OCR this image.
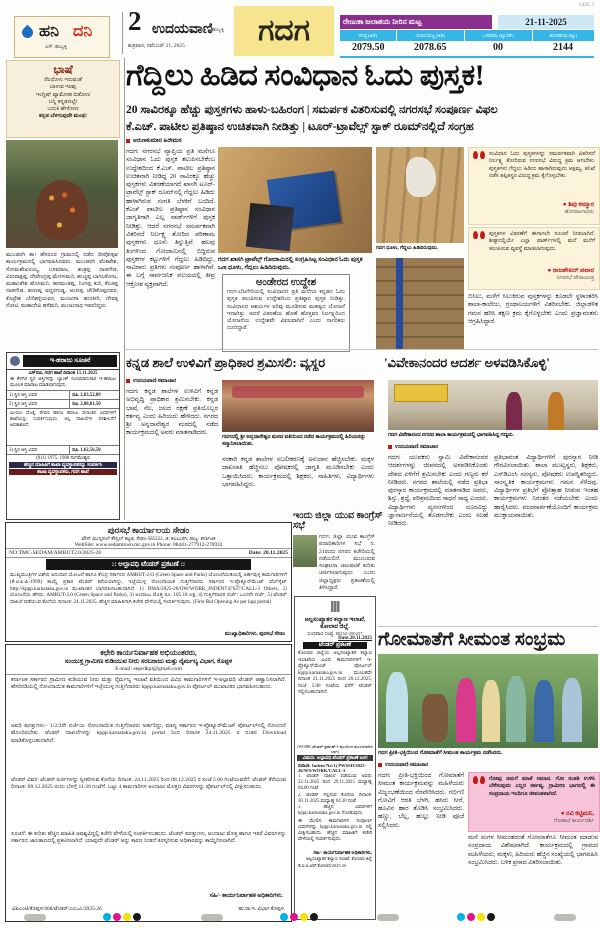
GDG 3
ಹನಿ ದನಿ
ಎಸ್. ಹುಬ್ಬಳ್ಳಿ
2 ಉದಯವಾಣಿ ಹುಬ್ಬಳ್ಳಿ
ಶುಕ್ರವಾರ, ನವೆಂಬರ್ 21, 2025	ಗದಗ	ರೇಣುಕಾ ಜಲಾಶಯ ನೀರಿನ ಮಟ್ಟ	21-11-2025
ಗರಿಷ್ಠ (ಅಡಿ)	ಇಂದಿನ ಮಟ್ಟ (ಅಡಿ)	ಒಳಹರಿವು (ಕ್ಯೂಸೆಕ್)	ಹೊರಹರಿವು (ಕ್ಯೂ)
2079.50	2078.65	00	2144
ಗೆದ್ದಿಲು ಹಿಡಿದ ಸಂವಿಧಾನ ಓದು ಪುಸ್ತಕ!
20 ಸಾವಿರಕ್ಕೂ ಹೆಚ್ಚು ಪುಸ್ತಕಗಳು ಹಾಳು-ಬಹಿರಂಗ | ಸಮರ್ಪಕ ವಿತರಿಸುವಲ್ಲಿ ನಗರಸಭೆ ಸಂಪೂರ್ಣ ವಿಫಲ
ಕೆ.ಎಚ್. ಪಾಟೀಲ ಪ್ರತಿಷ್ಠಾನ ಉಚಿತವಾಗಿ ನೀಡಿತ್ತು | ಟೂರ್-ಟ್ರಾವೆಲ್ಸ್ ಸ್ಟಾಕ್ ರೂಮ್‌ನಲ್ಲಿದೆ ಸಂಗ್ರಹ
ಅರುಣಕುಮಾರ ಹಿರೇಮಠ
ಭಾಷೆ
ನೆಲದೊಳು ಇರುವಂತೆ
ಬಾಳುವ ಇರವು
ಇಂಗ್ಲಿಷ್ ವ್ಯಾಮೋಹ ಬಿಡೋಣ
ಬನ್ನಿ ಕನ್ನಡದಲ್ಲೇ
ಬದುಕಿ ಹೇಳೋಣ
ಕನ್ನಡ ಬೆಳಗುವುದೇ ಮಂಥ!
ಮುಂಡರಗಿ ತಾ। ಹೆಸರೂರ ಗ್ರಾಮದಲ್ಲಿ ನಡೆದ ದೀಪೋತ್ಸವ ಕಾರ್ಯಕ್ರಮದಲ್ಲಿ ಭಾಗವಹಿಸಿದವರು. ಮುಂಡರಗಿ ವೆಂಕಟೇಶ, ಸೋಮಶೇಖರಯ್ಯ, ಬಸವರಾಜ, ಶಂಕ್ರಪ್ಪ ನಾಡಗೌಡ, ವಿರುಪಾಕ್ಷಪ್ಪ, ದೇವೇಂದ್ರಪ್ಪ ಮೇಗಳಮನಿ, ಹುಚ್ಚಪ್ಪ ಬಾಗಲಕೋಟ, ಮಹಾಂತೇಶ ಹೊಸಮನಿ, ಹನಮಂತಪ್ಪ, ನಿಂಗಪ್ಪ ಕುರಿ, ಕೆಂಚಪ್ಪ ನಾಡಗೌಡ, ಶರಣಪ್ಪ ವದ್ದರಗುಡ್ಡ, ಅಂದಪ್ಪ ಚೌಡಿಕೊಪ್ಪದವರ, ಕೊಟ್ರೇಶ ಬೆಣಿಹಳ್ಳಿಯವರ, ಮಂಜುಳಾ ಹುನಕೀರಿ, ದೇವಕ್ಕ ನೋಟಿ, ಮಹಾದೇವಿ ಹಳೆಮನಿ, ಮಂಜುನಾಥ ಇತರರಿದ್ದರು.
ಇ-ಹರಾಜು ಸೂಚನೆ
ಎಸ್‌ಬಿಐ, ಗದಗ ಶಾಖೆ ದಿನಾಂಕ 13.11.2025
ಈ ಕೆಳಗಿನ ಸ್ಥಿರ ಆಸ್ತಿಗಳನ್ನು ಬ್ಯಾಂಕ್ ನಿಯಮಾನುಸಾರ ಇ-ಹರಾಜು ಮೂಲಕ ಮಾರಾಟ ಮಾಡಲಾಗುವುದು.
1) ಸ್ಥಿರ ಆಸ್ತಿ ವಿವರ	ರೂ. 2,83,52,09
2) ಸ್ಥಿರ ಆಸ್ತಿ ವಿವರ	ರೂ. 2,88,81,50
ಮೀಸಲು ಮೊತ್ತ, ಠೇವಣಿ ಹಾಗೂ ಹರಾಜು ದಿನಾಂಕದ ವಿವರಗಳಿಗೆ ಶಾಖೆಯನ್ನು ಸಂಪರ್ಕಿಸುವುದು. ಆಸ್ತಿ ದಾಖಲೆಗಳ ಪರಿಶೀಲನೆಗೆ ಅವಕಾಶವಿದೆ.
3) ಸ್ಥಿರ ಆಸ್ತಿ ವಿವರ	ರೂ. 1,62,56,50
(011) 1975, 1988 ಸಂಗಮೇಶ್ವರ
ಹೆಚ್ಚಿನ ಮಾಹಿತಿಗೆ ಶಾಖಾ ವ್ಯವಸ್ಥಾಪಕರನ್ನು ಸಂಪರ್ಕಿಸಿ
ಶಾಖಾ ವ್ಯವಸ್ಥಾಪಕರು, ಗದಗ ಶಾಖೆ
ಗದಗ: ನಗರಸಭೆ ವ್ಯಾಪ್ತಿಯ ಪ್ರತಿ ಮನೆಗೂ ಸಂವಿಧಾನ ಓದು ಪುಸ್ತಕ ತಲುಪಿಸಬೇಕೆಂಬ ಉದ್ದೇಶದಿಂದ ಕೆ.ಎಚ್. ಪಾಟೀಲ ಪ್ರತಿಷ್ಠಾನ ಉಚಿತವಾಗಿ ನೀಡಿದ್ದ 20 ಸಾವಿರಕ್ಕೂ ಹೆಚ್ಚು ಪುಸ್ತಕಗಳು ವಿತರಣೆಯಾಗದೆ ಖಾಸಗಿ ಟೂರ್-ಟ್ರಾವೆಲ್ಸ್ ಸ್ಟಾಕ್ ರೂಮ್‌ನಲ್ಲಿ ಗೆದ್ದಲು ಹಿಡಿದು ಹಾಳಾಗಿರುವ ಸಂಗತಿ ಬೆಳಕಿಗೆ ಬಂದಿದೆ. ಕೆಎಚ್ ಪಾಟೀಲ ಪ್ರತಿಷ್ಠಾನ ಸಂವಿಧಾನ ಜಾಗೃತಿಗಾಗಿ ಎಲ್ಲ ವಾರ್ಡ್‌ಗಳಿಗೆ ಪುಸ್ತಕ ನೀಡಿತ್ತು. ಆದರೆ ನಗರಸಭೆ ಸಮರ್ಪಕವಾಗಿ ವಿತರಿಸದೆ ನಿರ್ಲಕ್ಷ್ಯ ತೋರಿದ ಪರಿಣಾಮ ಪುಸ್ತಕಗಳು ಧೂಳು ತಿನ್ನುತ್ತಿವೆ. ಹಲವು ತಿಂಗಳಿಂದ ಗೋದಾಮಿನಲ್ಲಿ ಬಿದ್ದಿರುವ ಪುಸ್ತಕಗಳ ಕಟ್ಟುಗಳಿಗೆ ಗೆದ್ದಲು ಹಿಡಿದಿದ್ದು, ಸಾವಿರಾರು ಪ್ರತಿಗಳು ಸಂಪೂರ್ಣ ಹಾಳಾಗಿವೆ. ಈ ಬಗ್ಗೆ ಸಾರ್ವಜನಿಕ ವಲಯದಲ್ಲಿ ತೀವ್ರ ಆಕ್ರೋಶ ವ್ಯಕ್ತವಾಗಿದೆ.
ಗದಗ ಖಾಸಗಿ ಟ್ರಾವೆಲ್ಸ್ ಗೋದಾಮಿನಲ್ಲಿ ಸಂಗ್ರಹಿಸಿಟ್ಟ ಸಂವಿಧಾನ ಓದು ಪುಸ್ತಕ ಒಣ ಧೂಳು, ಗೆದ್ದಲು ಹಿಡಿದಿರುವುದು.
ಅಂಡೇರದ ಉದ್ದೇಶ
ಗದಗ-ಬೆಟಗೇರಿಯಲ್ಲಿ ಸಂವಿಧಾನದ ಪ್ರತಿ ಮನೆಗೂ ಕನ್ನಡದ ಓದು ಪುಸ್ತಕ ತಲುಪಿಸುವ ಉದ್ದೇಶದಿಂದ ಪ್ರತಿಷ್ಠಾನ ಪುಸ್ತಕ ನೀಡಿತ್ತು. ಸಂವಿಧಾನದ ಆಶಯಗಳ ಅರಿವು ಮೂಡಿಸುವ ಮಹತ್ವದ ಯೋಜನೆ ಇದಾಗಿತ್ತು. ಆದರೆ ವಿತರಣೆಯ ಹೊಣೆ ಹೊತ್ತವರ ನಿರ್ಲಕ್ಷ್ಯದಿಂದ ಯೋಜನೆಯ ಉದ್ದೇಶವೇ ವಿಫಲವಾಗಿದೆ ಎಂದು ನಾಗರಿಕರು ದೂರಿದ್ದಾರೆ.
ಗದಗ ಧೂಳು, ಗೆದ್ದಲು ಹಿಡಿದಿರುವುದು.
ಸಂವಿಧಾನ ಓದು ಪುಸ್ತಕಗಳನ್ನು ಸಮರ್ಪಕವಾಗಿ ವಿತರಿಸದೆ ನಿರ್ಲಕ್ಷ್ಯ ತೋರಿರುವ ನಗರಸಭೆ ವಿರುದ್ಧ ಕ್ರಮ ಆಗಬೇಕು. ಪುಸ್ತಕಗಳು ಗೆದ್ದಲು ಹಿಡಿದು ಹಾಳಾಗಿರುವುದು ಅಕ್ಷಮ್ಯ. ತನಿಖೆ ನಡೆಸಿ ತಪ್ಪಿತಸ್ಥರ ವಿರುದ್ಧ ಕ್ರಮ ಕೈಗೊಳ್ಳಬೇಕು.
● ಶಿವು ಕಮ್ಮಾರ
ಹೋರಾಟಗಾರರು
ಪುಸ್ತಕಗಳ ವಿತರಣೆಗೆ ಈಗಾಗಲೇ ಸೂಚನೆ ನೀಡಲಾಗಿದೆ. ಶೀಘ್ರದಲ್ಲಿಯೇ ಎಲ್ಲಾ ವಾರ್ಡ್‌ಗಳಲ್ಲಿ ಮನೆ ಮನೆಗೆ ತಲುಪಿಸುವ ವ್ಯವಸ್ಥೆ ಮಾಡಲಾಗುವುದು.
● ರಾಜಶೇಖರ್ ಪವಾರ
ನಗರಸಭೆ ಪೌರಾಯುಕ್ತ
ಬಿಸಿಲು, ಮಳೆಗೆ ಸಿಲುಕಿರುವ ಪುಸ್ತಕಗಳನ್ನು ಕೂಡಲೇ ಸ್ಥಳಾಂತರಿಸಿ ಶಾಲಾ-ಕಾಲೇಜು, ಗ್ರಂಥಾಲಯಗಳಿಗೆ ವಿತರಿಸಬೇಕು. ಜಿಲ್ಲಾಡಳಿತ ಗಮನ ಹರಿಸಿ ತಕ್ಷಣ ಕ್ರಮ ಕೈಗೊಳ್ಳಬೇಕು ಎಂದು ಪ್ರಜ್ಞಾವಂತರು ಆಗ್ರಹಿಸಿದ್ದಾರೆ.
ಕನ್ನಡ ಶಾಲೆ ಉಳಿವಿಗೆ ಪ್ರಾಧಿಕಾರ ಶ್ರಮಿಸಲಿ: ವ್ಯಸ್ಥರ	'ವಿವೇಕಾನಂದರ ಆದರ್ಶ ಅಳವಡಿಸಿಕೊಳ್ಳಿ'
ಉದಯವಾಣಿ ಸಮಾಚಾರ
ಗದಗ: ಕನ್ನಡ ಶಾಲೆಗಳ ಉಳಿವಿಗೆ ಕನ್ನಡ ಅಭಿವೃದ್ಧಿ ಪ್ರಾಧಿಕಾರ ಶ್ರಮಿಸಬೇಕು. ಕನ್ನಡ ಭಾಷೆ, ನೆಲ, ಜಲದ ರಕ್ಷಣೆ ಪ್ರತಿಯೊಬ್ಬರ ಕರ್ತವ್ಯ ಎಂದು ಹಿರಿಯರು ಹೇಳಿದರು. ನಗರದ ಶ್ರೀ ಅನ್ನದಾನೇಶ್ವರ ಮಠದಲ್ಲಿ ನಡೆದ ಕಾರ್ಯಕ್ರಮದಲ್ಲಿ ಅವರು ಮಾತನಾಡಿದರು.
ಗದಗದಲ್ಲಿ ಶ್ರೀ ಅನ್ನದಾನೇಶ್ವರ ಮಠದ ವತಿಯಿಂದ ನಡೆದ ಕಾರ್ಯಕ್ರಮದಲ್ಲಿ ಹಿರಿಯರನ್ನು ಸನ್ಮಾನಿಸಲಾಯಿತು.
ಸರಕಾರಿ ಕನ್ನಡ ಶಾಲೆಗಳ ಸಬಲೀಕರಣಕ್ಕೆ ಅನುದಾನ ಹೆಚ್ಚಿಸಬೇಕು. ಮಕ್ಕಳ ದಾಖಲಾತಿ ಹೆಚ್ಚಿಸಲು ಪೋಷಕರಲ್ಲಿ ಜಾಗೃತಿ ಮೂಡಿಸಬೇಕು ಎಂದು ಒತ್ತಾಯಿಸಿದರು. ಕಾರ್ಯಕ್ರಮದಲ್ಲಿ ಶಿಕ್ಷಕರು, ಸಾಹಿತಿಗಳು, ವಿದ್ಯಾರ್ಥಿಗಳು ಭಾಗವಹಿಸಿದ್ದರು.
ಗದಗ ವಿವೇಕಾನಂದ ನಗರದ ಶಾಲಾ ಕಾರ್ಯಕ್ರಮದಲ್ಲಿ ಭಾಗವಹಿಸಿದ್ದ ಗಣ್ಯರು.
ಉದಯವಾಣಿ ಸಮಾಚಾರ
ಗದಗ: ಯುವಕರು ಸ್ವಾಮಿ ವಿವೇಕಾನಂದರ ಆದರ್ಶಗಳನ್ನು ಜೀವನದಲ್ಲಿ ಅಳವಡಿಸಿಕೊಂಡು ದೇಶದ ಏಳಿಗೆಗೆ ಶ್ರಮಿಸಬೇಕು ಎಂದು ಗಣ್ಯರು ಕರೆ ನೀಡಿದರು. ನಗರದ ಶಾಲೆಯಲ್ಲಿ ನಡೆದ ಪ್ರತಿಭಾ ಪುರಸ್ಕಾರ ಕಾರ್ಯಕ್ರಮದಲ್ಲಿ ಮಾತನಾಡಿದ ಅವರು, ಶಿಸ್ತು, ಶ್ರದ್ಧೆ, ಪರಿಶ್ರಮದಿಂದ ಸಾಧನೆ ಸಾಧ್ಯ ಎಂದರು. ವಿದ್ಯಾರ್ಥಿಗಳು ವ್ಯಸನಗಳಿಂದ ದೂರವಿದ್ದು ಜ್ಞಾನಾರ್ಜನೆಯಲ್ಲಿ ತೊಡಗಬೇಕು ಎಂದು ಸಲಹೆ ನೀಡಿದರು.
ಪ್ರತಿಭಾವಂತ ವಿದ್ಯಾರ್ಥಿಗಳಿಗೆ ಪುರಸ್ಕಾರ ನೀಡಿ ಗೌರವಿಸಲಾಯಿತು. ಶಾಲಾ ಮುಖ್ಯಸ್ಥರು, ಶಿಕ್ಷಕರು, ಎಸ್‌ಡಿಎಂಸಿ ಸದಸ್ಯರು, ಪೋಷಕರು ಉಪಸ್ಥಿತರಿದ್ದರು. ಸಾಂಸ್ಕೃತಿಕ ಕಾರ್ಯಕ್ರಮಗಳು ಗಮನ ಸೆಳೆದವು. ವಿದ್ಯಾರ್ಥಿಗಳ ಪ್ರತಿಭೆಗೆ ಪ್ರೋತ್ಸಾಹ ನೀಡುವ ಇಂತಹ ಕಾರ್ಯಕ್ರಮಗಳು ನಿರಂತರ ನಡೆಯಬೇಕು ಎಂದು ಹಾರೈಸಿದರು. ವಂದನಾರ್ಪಣೆಯೊಂದಿಗೆ ಕಾರ್ಯಕ್ರಮ ಮುಕ್ತಾಯವಾಯಿತು.
ಇಂದು ಜಿಲ್ಲಾ ಯುವ ಕಾಂಗ್ರೆಸ್ ಸಭೆ
ಗದಗ: ಜಿಲ್ಲಾ ಯುವ ಕಾಂಗ್ರೆಸ್ ಪದಾಧಿಕಾರಿಗಳ ಸಭೆ ನ. 21ರಂದು ನಗರದ ಕಚೇರಿಯಲ್ಲಿ ನಡೆಯಲಿದೆ. ಮುಂಬರುವ ಸಂಘಟನಾ ಚಟುವಟಿಕೆ ಕುರಿತು ಚರ್ಚಿಸಲಾಗುವುದು ಎಂದು ಜಿಲ್ಲಾಧ್ಯಕ್ಷರು ಪ್ರಕಟಣೆಯಲ್ಲಿ ತಿಳಿಸಿದ್ದಾರೆ.
ಪುರಸಭೆ ಕಾರ್ಯಾಲಯ ಸೇಡಂ
ಟೌನ್ ಮುನ್ಸಿಪಲ್ ಕೌನ್ಸಿಲ್ ಕಟ್ಟಡ, ಸೇಡಂ-585222, ಜಿ: ಕಲಬುರಗಿ, ರಾಜ್ಯ: ಕರ್ನಾಟಕ
WebSite: www.sedamtown.mc.gov.in Phone: 08441-277912-276932
NO:TMC-SEDAM/AMRUT2.0/2025-26	Date: 20.11.2025
:: ಅಲ್ಪಾವಧಿ ಟೆಂಡರ್ ಪ್ರಕಟಣೆ ::
ಮುಖ್ಯಮಂತ್ರಿಗಳ ವಿಶೇಷ ಅನುದಾನ ಯೋಜನೆ ಹಾಗೂ ಕೇಂದ್ರ ಸರ್ಕಾರದ AMRUT-2.O (Green Space and Parks) ಯೋಜನೆಯಡಿಯಲ್ಲಿ ಅರ್ಹವುಳ್ಳ ಕಾಮಗಾರಿಗಳಿಗೆ (ಕೆ.ಟಿ.ಪಿ.ಪಿ-1999) ಕಾಯ್ದೆ ಪ್ರಕಾರ ಟೆಂಡರ್ ಕರೆಯಲಾಗಿದ್ದು, ಇಚ್ಛೆಯುಳ್ಳ ನೋಂದಾಯಿತ ಗುತ್ತಿಗೆದಾರರು ಸರ್ಕಾರದ ಇ-ಪ್ರೊಕ್ಯೂರ್‌ಮೆಂಟ್ ವೆಬ್‌ಸೈಟ್ http://kppp.karnataka.gov.in ಮುಖಾಂತರ ಭಾಗವಹಿಸಬಹುದಾಗಿದೆ. 1) DMA/2025-26/OW/WORK_INDENT47627/CALL-3 Others, 2) ಯೋಜನೆಯ ಹೆಸರು: AMRUT-2.0 (Green Space and Parks), 3) ಅಂದಾಜು ಮೊತ್ತ ರೂ. 105.18 ಲಕ್ಷ, 4) ಗುತ್ತಿಗೆದಾರರ ದರ್ಜೆ: ಒಂದನೇ ದರ್ಜೆ, 5) ಟೆಂಡರ್ ದಾಖಲೆ ಪಡೆಯುವ ಕೊನೆಯ ದಿನಾಂಕ: 24.11.2025. ಹೆಚ್ಚಿನ ಮಾಹಿತಿಗಾಗಿ ಕಚೇರಿ ವೇಳೆಯಲ್ಲಿ ಸಂಪರ್ಕಿಸುವುದು. (First Bid Opening As per kpp portal)
ಮುಖ್ಯಾಧಿಕಾರಿಗಳು, ಪುರಸಭೆ ಸೇಡಂ
ಕಛೇರಿ ಕಾರ್ಯನಿರ್ವಾಹಕ ಅಭಿಯಂತರರು,
ಸಂಯುಕ್ತ ಗ್ರಾಮೀಣ ಕುಡಿಯುವ ನೀರು ಸರಬರಾಜು ಮತ್ತು ನೈರ್ಮಲ್ಯ ವಿಭಾಗ, ಕೊಪ್ಪಳ
E-mail: eeprdkpl@gmail.com
ಕರ್ನಾಟಕ ಸರ್ಕಾರದ ಗ್ರಾಮೀಣ ಕುಡಿಯುವ ನೀರು ಮತ್ತು ನೈರ್ಮಲ್ಯ ಇಲಾಖೆ ವತಿಯಿಂದ ವಿವಿಧ ಕಾಮಗಾರಿಗಳಿಗೆ ಇ-ಅಲ್ಪಾವಧಿ ಟೆಂಡರ್ ಆಹ್ವಾನಿಸಲಾಗಿದೆ. ಹೆಸರಿನಡಿಯಲ್ಲಿ ನೋಂದಾಯಿತ ಕಾಮಗಾರಿಗಳಿಗೆ ಇಚ್ಛೆಯುಳ್ಳ ಗುತ್ತಿಗೆದಾರರು kppp.karnataka.gov.in ಪೋರ್ಟಲ್ ಮುಖಾಂತರ ಭಾಗವಹಿಸಬಹುದು.
ಅವಧಿ ಷರತ್ತುಗಳು:- 1/2/3ನೇ ದರ್ಜೆಯ ನೋಂದಾಯಿತ ಗುತ್ತಿಗೆದಾರರು ಅರ್ಹರಿದ್ದು, ಮಾನ್ಯ ಸರ್ಕಾರದ ಇ-ಪ್ರೊಕ್ಯೂರ್‌ಮೆಂಟ್ ಪೋರ್ಟಲ್‌ನಲ್ಲಿ ನೋಂದಣಿ ಹೊಂದಿರಬೇಕು. ಟೆಂಡರ್ ದಾಖಲೆಗಳನ್ನು kppp.karnataka.gov.in portal ನಿಂದ ದಿನಾಂಕ 24.11.2025 ರ ನಂತರ Download ಮಾಡಿಕೊಳ್ಳಬಹುದಾಗಿದೆ.
ಟೆಂಡರ್ ವಿವರ: ಟೆಂಡರ್ ಅರ್ಜಿಗಳನ್ನು ಸ್ವೀಕರಿಸುವ ಕೊನೆಯ ದಿನಾಂಕ: 24.11.2025 ರಿಂದ 08.12.2025 ರ ಸಂಜೆ 5.00 ಗಂಟೆಯವರೆಗೆ. ಟೆಂಡರ್ ತೆರೆಯುವ ದಿನಾಂಕ: 09.12.2025 ರಂದು ಬೆಳಗ್ಗೆ 11.30 ಗಂಟೆಗೆ. ಒಟ್ಟು 4 ಕಾಮಗಾರಿಗಳ ಅಂದಾಜು ಮೊತ್ತದ ವಿವರಗಳನ್ನು ಪೋರ್ಟಲ್‌ನಲ್ಲಿ ವೀಕ್ಷಿಸಬಹುದು.
ಸೂಚನೆ: ಈ ಕುರಿತು ಹೆಚ್ಚಿನ ಮಾಹಿತಿ ಅವಶ್ಯವಿದ್ದಲ್ಲಿ ಕಚೇರಿ ವೇಳೆಯಲ್ಲಿ ಸಂಪರ್ಕಿಸಬಹುದು. ಟೆಂಡರ್ ಷರತ್ತುಗಳು, ಅಂದಾಜು ಮೊತ್ತ ಹಾಗೂ ಇತರೆ ವಿವರಗಳನ್ನು ಸರ್ಕಾರದ ಜಾಲತಾಣದಲ್ಲಿ ಪ್ರಕಟಿಸಲಾಗಿದೆ. ಯಾವುದೇ ಟೆಂಡರ್ ಅನ್ನು ಕಾರಣ ನೀಡದೆ ತಿರಸ್ಕರಿಸುವ ಅಧಿಕಾರವನ್ನು ಕಾಯ್ದಿರಿಸಲಾಗಿದೆ.
ಸಹಿ/- ಕಾರ್ಯನಿರ್ವಾಹಕ ಅಧಿಕಾರಿಗಳು.
ವಿಪಿಎಂಟಿ/ಕೊಪ್ಪಳ/468/ಟೆಂಡರ್/ಎಂಒಎ/2025-26	ಹು.ರಾ.ಇ. ವಿಭಾಗ ಕೊಪ್ಪಳ.
ಅಲ್ಪಸಂಖ್ಯಾತರ ಕಲ್ಯಾಣ ಇಲಾಖೆ,
ಕೋಲಾರ ಜಿಲ್ಲೆ.
ದೂರವಾಣಿ ಸಂಖ್ಯೆ: 08152-295257
Date:20.11.2025
ಟೆಂಡರ್ ಪ್ರಕಟಣೆ
ಕೋಲಾರ ಜಿಲ್ಲೆಯ ಅಲ್ಪಸಂಖ್ಯಾತರ ಕಲ್ಯಾಣ ಇಲಾಖೆಯ ವಿವಿಧ ಕಾಮಗಾರಿಗಳಿಗೆ ಇ-ಪ್ರೊಕ್ಯೂರ್‌ಮೆಂಟ್ ಪೋರ್ಟಲ್ kppp.karnataka.gov.in ಮೂಲಕವೇ ದಿನಾಂಕ 21.11.2025 ರಿಂದ 20.12.2025, ಸಂಜೆ 5.00 ಗಂಟೆಯ ವರೆಗೆ ಟೆಂಡರ್ ಸಲ್ಲಿಸಬಹುದಾಗಿದೆ.
(WORK ಟೆಂಡರ್ ಪ್ರಕಟಣೆ-3-ಪುಟದಿಂದ ಮುಂದುವರಿದ ಭಾಗ)
ವಿಷಯ: ಅಲ್ಪಾವಧಿ ಟೆಂಡರ್ ಪ್ರಕಟಣೆ ಅಂಗ
ದಿನಾಂಕ: Indent No:1) PWSSD/2025-26/WS/WORK/CALL-3
1. ಟೆಂಡರ್ ದಾಖಲೆ ಪಡೆಯುವ ಅವಧಿ: 22.11.2025 ರಿಂದ 29.11.2025 ಮಧ್ಯಾಹ್ನ 04.00 ಗಂಟೆ
2. ಟೆಂಡರ್ ಸಲ್ಲಿಸುವ ಕೊನೆಯ ದಿನಾಂಕ: 30.11.2025 ಮಧ್ಯಾಹ್ನ 04.30 ಗಂಟೆ
3. ಹೆಚ್ಚಿನ ವಿವರಗಳಿಗೆ kppp.karnataka.gov.in ನೋಡುವುದು.
ಈ ಮೇಲಿನ ಕಾಮಗಾರಿಗಳ ಸಂಪೂರ್ಣ ವಿವರಗಳನ್ನು kppp.karnataka.gov.in ನಲ್ಲಿ ವೀಕ್ಷಿಸಬಹುದು. ಹೆಚ್ಚಿನ ಮಾಹಿತಿಗೆ ಕಚೇರಿ ವೇಳೆಯಲ್ಲಿ ಸಂಪರ್ಕಿಸುವುದು.
ಸಹಿ/- ಕಾರ್ಯನಿರ್ವಾಹಕ ಅಧಿಕಾರಿಗಳು,
ಅಲ್ಪಸಂಖ್ಯಾತರ ಕಲ್ಯಾಣ ಇಲಾಖೆ, ಕೋಲಾರ ಜಿಲ್ಲೆ
ಡಿ.ಐ.ಪಿ.ಆರ್/ಕೋಲಾರ/2025-26
ಗೋಮಾತೆಗೆ ಸೀಮಂತ ಸಂಭ್ರಮ
ಗದಗ ಪ್ರೀತಿ-ಭಕ್ತಿಯಿಂದ ಗೋಮಾತೆಗೆ ಸೀಮಂತ ಕಾರ್ಯಕ್ರಮ ನಡೆಸಿದರು.
ಉದಯವಾಣಿ ಸಮಾಚಾರ
ಗದಗ: ಪ್ರೀತಿ-ಭಕ್ತಿಯಿಂದ ಗೋಮಾತೆಗೆ ಸೀಮಂತ ಕಾರ್ಯಕ್ರಮವನ್ನು ಮಹಿಳೆಯರು ವಿಜೃಂಭಣೆಯಿಂದ ನೆರವೇರಿಸಿದರು. ಗರ್ಭಿಣಿ ಗೋವಿಗೆ ಆರತಿ ಬೆಳಗಿ, ಹಸಿರು ಸೀರೆ, ಹೂವಿನ ಹಾರ ತೊಡಿಸಿ ಸಂಭ್ರಮಿಸಿದರು. ಹಣ್ಣು, ಬೆಲ್ಲ, ಹುಲ್ಲು ನೀಡಿ ಪೂಜೆ ಸಲ್ಲಿಸಿದರು.
ಗೋವು ನಮಗೆ ಮಾತೆ ಸಮಾನ. ಗೋ ಸಂತತಿ ಉಳಿಸಿ ಬೆಳೆಸುವುದು ಎಲ್ಲರ ಕರ್ತವ್ಯ. ಗ್ರಾಮೀಣ ಭಾಗದಲ್ಲಿ ಈ ಸಂಪ್ರದಾಯ ಇಂದಿಗೂ ಜೀವಂತವಾಗಿದೆ.
● ರವಿ ಕಟ್ಟಿಮನಿ,
ಗೋಶಾಲೆ ಕಾರ್ಯದರ್ಶಿ
ಮನೆ ಮಗಳ ಸೀಮಂತದಂತೆ ಗೋಮಾತೆಗೂ ಸೀಮಂತ ಮಾಡುವ ಸಂಪ್ರದಾಯ ವಿಶೇಷವಾಗಿದೆ. ಕಾರ್ಯಕ್ರಮದಲ್ಲಿ ಗ್ರಾಮದ ಮಹಿಳೆಯರು, ಮಕ್ಕಳು, ಹಿರಿಯರು ಹೆಚ್ಚಿನ ಸಂಖ್ಯೆಯಲ್ಲಿ ಭಾಗವಹಿಸಿ ಸಂಭ್ರಮಿಸಿದರು. ಬಳಿಕ ಪ್ರಸಾದ ವಿತರಿಸಲಾಯಿತು.
